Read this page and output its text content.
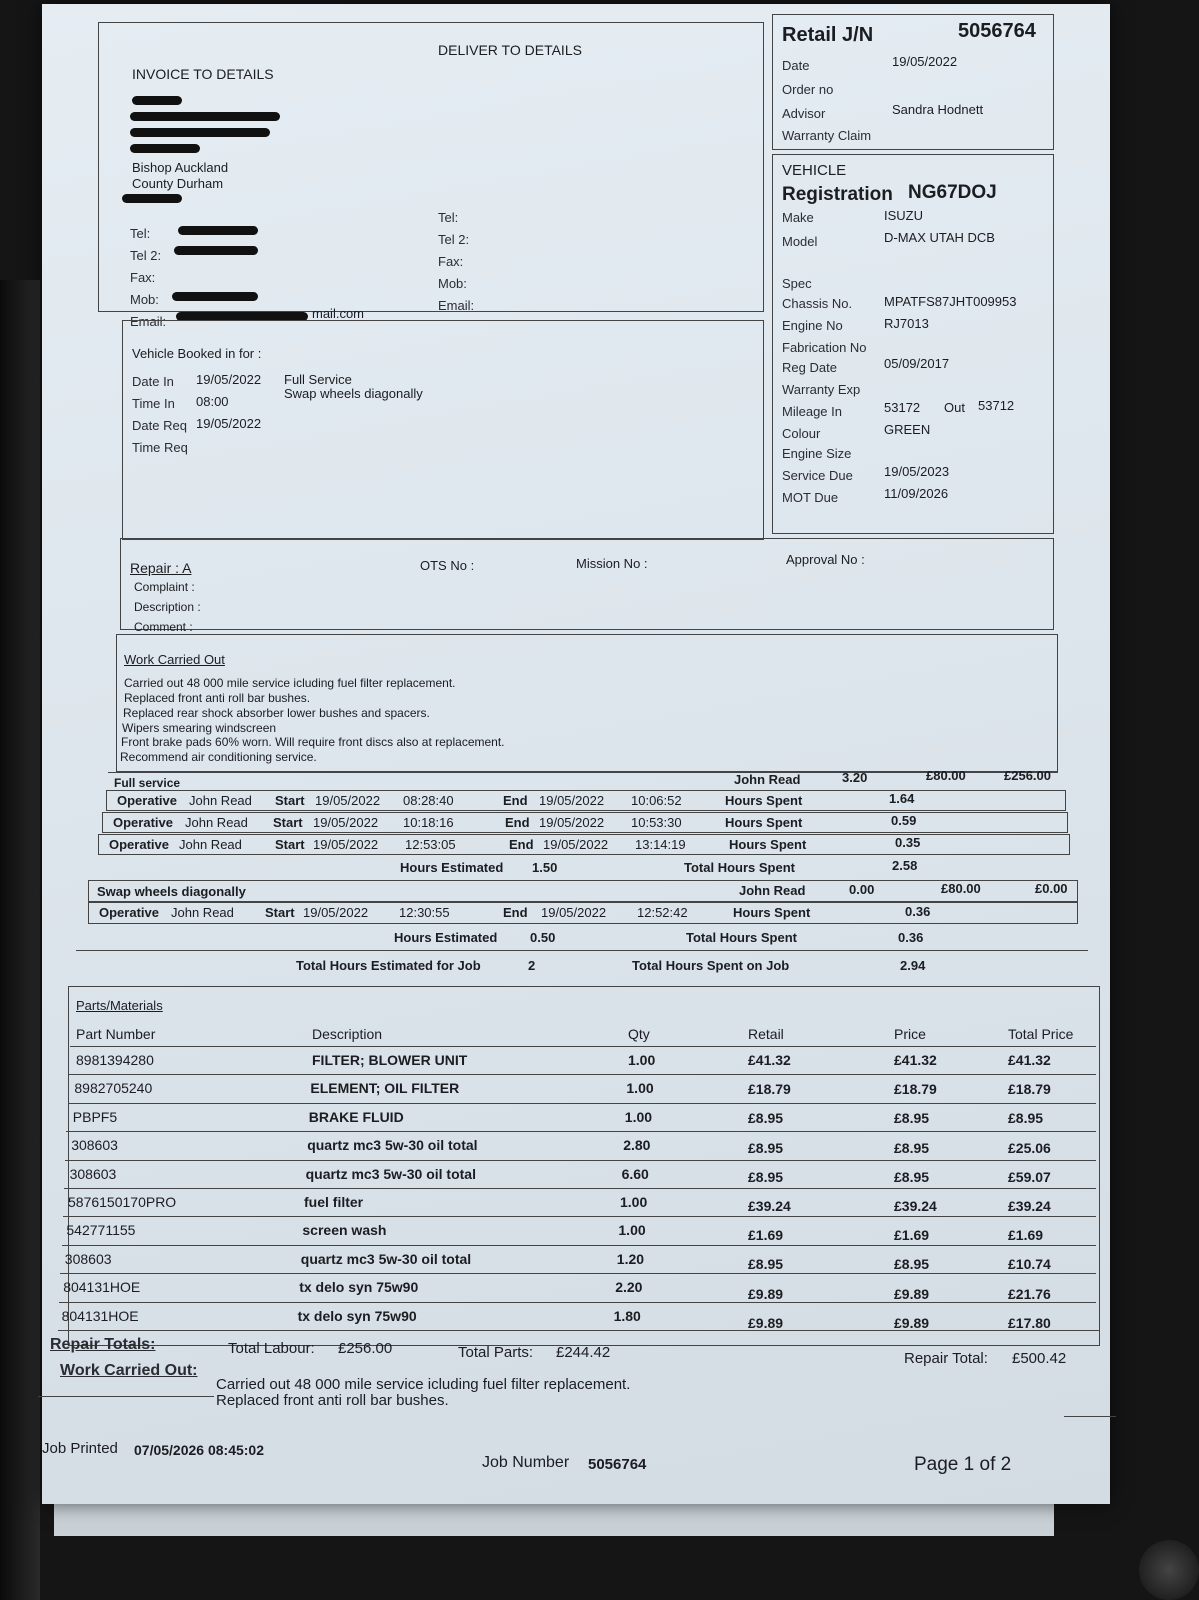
INVOICE TO DETAILS
DELIVER TO DETAILS
Bishop Auckland
County Durham
Tel:
Tel 2:
Fax:
Mob:
Email:
mail.com
Tel:
Tel 2:
Fax:
Mob:
Email:
Vehicle Booked in for :
Date In 19/05/2022
Time In 08:00
Date Req 19/05/2022
Time Req
Full Service
Swap wheels diagonally
Retail J/N	5056764
Date	19/05/2022
Order no
Advisor	Sandra Hodnett
Warranty Claim
VEHICLE
Registration NG67DOJ
Make	ISUZU
Model	D-MAX UTAH DCB
Spec
Chassis No. MPATFS87JHT009953
Engine No	RJ7013
Fabrication No
Reg Date	05/09/2017
Warranty Exp
Mileage In	53172 Out 53712
Colour	GREEN
Engine Size
Service Due 19/05/2023
MOT Due	11/09/2026
Repair : A	OTS No :	Mission No :	Approval No :
Complaint :
Description :
Comment :
Work Carried Out
Carried out 48 000 mile service icluding fuel filter replacement.
Replaced front anti roll bar bushes.
Replaced rear shock absorber lower bushes and spacers.
Wipers smearing windscreen
Front brake pads 60% worn. Will require front discs also at replacement.
Recommend air conditioning service.
Full service	John Read	3.20	£80.00	£256.00
Operative John Read Start 19/05/2022 08:28:40	End 19/05/2022 10:06:52	Hours Spent	1.64
Operative John Read Start 19/05/2022 10:18:16	End 19/05/2022 10:53:30	Hours Spent	0.59
Operative John Read	Start 19/05/2022 12:53:05	End 19/05/2022 13:14:19	Hours Spent	0.35
Hours Estimated 1.50	Total Hours Spent	2.58
Swap wheels diagonally	John Read	0.00	£80.00	£0.00
Operative John Read Start 19/05/2022 12:30:55	End 19/05/2022 12:52:42	Hours Spent	0.36
Hours Estimated	0.50	Total Hours Spent	0.36
Total Hours Estimated for Job	2	Total Hours Spent on Job	2.94
Parts/Materials
Part Number	Description	Qty	Retail	Price	Total Price
8981394280	FILTER; BLOWER UNIT	1.00	£41.32	£41.32	£41.32
8982705240	ELEMENT; OIL FILTER	1.00	£18.79	£18.79	£18.79
PBPF5	BRAKE FLUID	1.00	£8.95	£8.95	£8.95
308603	quartz mc3 5w-30 oil total	2.80	£8.95	£8.95	£25.06
308603	quartz mc3 5w-30 oil total	6.60	£8.95	£8.95	£59.07
5876150170PRO	fuel filter	1.00	£39.24	£39.24	£39.24
542771155	screen wash	1.00	£1.69	£1.69	£1.69
308603	quartz mc3 5w-30 oil total	1.20	£8.95	£8.95	£10.74
804131HOE	tx delo syn 75w90	2.20	£9.89	£9.89	£21.76
804131HOE	tx delo syn 75w90	1.80	£9.89	£9.89	£17.80
Repair Totals:	Total Labour: £256.00	Total Parts: £244.42	Repair Total: £500.42
Work Carried Out:
Carried out 48 000 mile service icluding fuel filter replacement.
Replaced front anti roll bar bushes.
Job Printed 07/05/2026 08:45:02
Job Number 5056764	Page 1 of 2
